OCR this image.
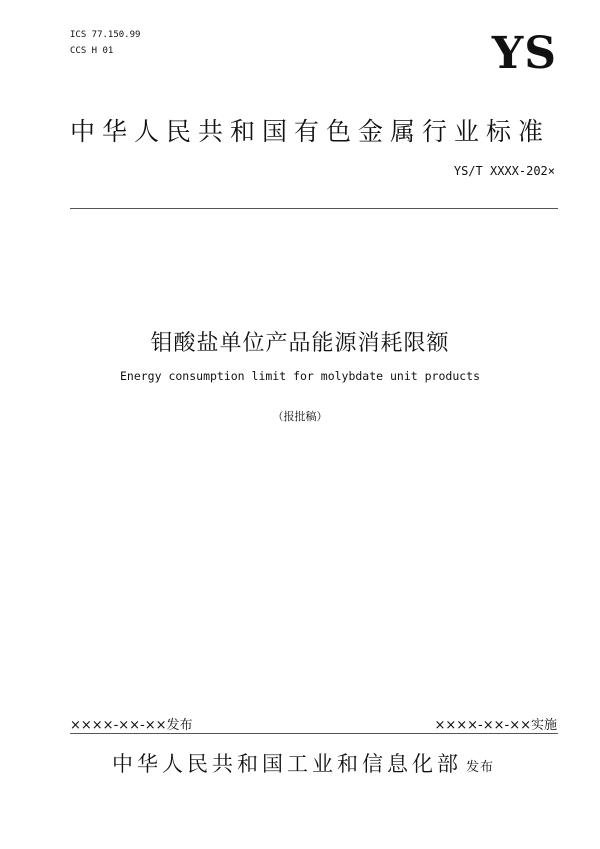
ICS 77.150.99
CCS H 01	YS
中华人民共和国有色金属行业标准
YS/T XXXX-202×
钼酸盐单位产品能源消耗限额
Energy consumption limit for molybdate unit products
（报批稿）
××××-××-××发布	××××-××-××实施
中华人民共和国工业和信息化部 发布
